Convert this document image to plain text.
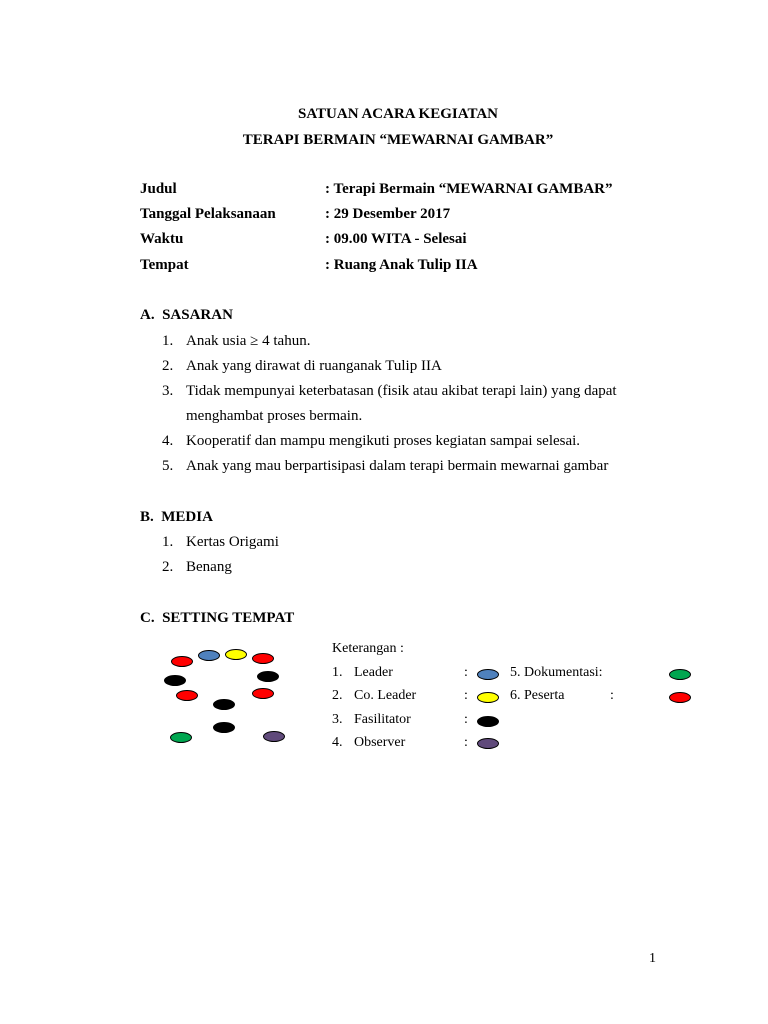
SATUAN ACARA KEGIATAN
TERAPI BERMAIN “MEWARNAI GAMBAR”
Judul	: Terapi Bermain “MEWARNAI GAMBAR”
Tanggal Pelaksanaan	: 29 Desember 2017
Waktu	: 09.00 WITA - Selesai
Tempat	: Ruang Anak Tulip IIA
A.  SASARAN
1. Anak usia ≥ 4 tahun.
2. Anak yang dirawat di ruanganak Tulip IIA
3. Tidak mempunyai keterbatasan (fisik atau akibat terapi lain) yang dapat
menghambat proses bermain.
4. Kooperatif dan mampu mengikuti proses kegiatan sampai selesai.
5. Anak yang mau berpartisipasi dalam terapi bermain mewarnai gambar
B.  MEDIA
1. Kertas Origami
2. Benang
C.  SETTING TEMPAT
Keterangan :
1. Leader	:
2. Co. Leader	:
3. Fasilitator	:
4. Observer	:
5. Dokumentasi:
6. Peserta	:
1
